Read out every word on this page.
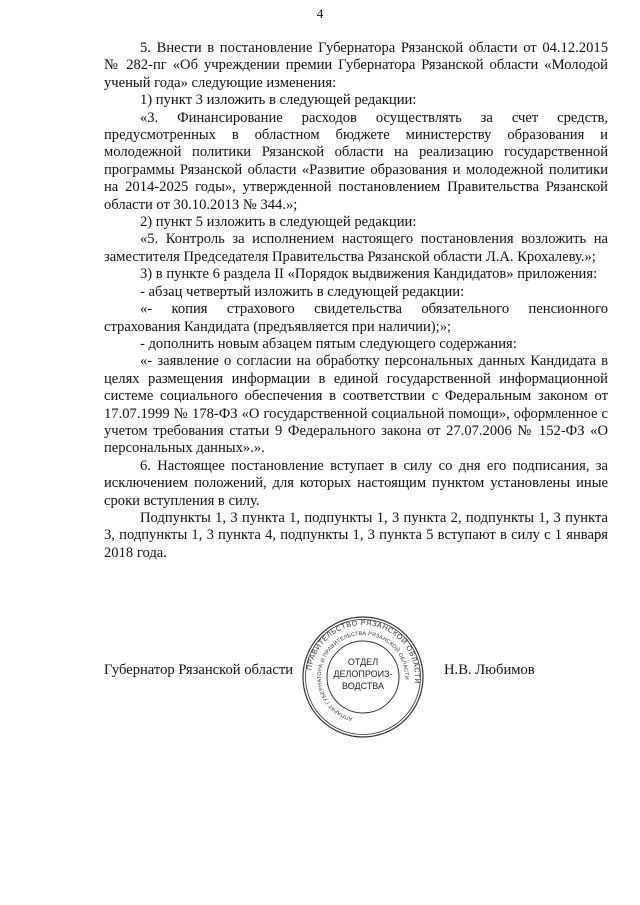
4

5. Внести в постановление Губернатора Рязанской области от 04.12.2015 № 282-пг «Об учреждении премии Губернатора Рязанской области «Молодой ученый года» следующие изменения:

1) пункт 3 изложить в следующей редакции:

«3. Финансирование расходов осуществлять за счет средств, предусмотренных в областном бюджете министерству образования и молодежной политики Рязанской области на реализацию государственной программы Рязанской области «Развитие образования и молодежной политики на 2014-2025 годы», утвержденной постановлением Правительства Рязанской области от 30.10.2013 № 344.»;

2) пункт 5 изложить в следующей редакции:

«5. Контроль за исполнением настоящего постановления возложить на заместителя Председателя Правительства Рязанской области Л.А. Крохалеву.»;

3) в пункте 6 раздела II «Порядок выдвижения Кандидатов» приложения:

- абзац четвертый изложить в следующей редакции:

«- копия страхового свидетельства обязательного пенсионного страхования Кандидата (предъявляется при наличии);»;

- дополнить новым абзацем пятым следующего содержания:

«- заявление о согласии на обработку персональных данных Кандидата в целях размещения информации в единой государственной информационной системе социального обеспечения в соответствии с Федеральным законом от 17.07.1999 № 178-ФЗ «О государственной социальной помощи», оформленное с учетом требования статьи 9 Федерального закона от 27.07.2006 № 152-ФЗ «О персональных данных».».

6. Настоящее постановление вступает в силу со дня его подписания, за исключением положений, для которых настоящим пунктом установлены иные сроки вступления в силу.

Подпункты 1, 3 пункта 1, подпункты 1, 3 пункта 2, подпункты 1, 3 пункта 3, подпункты 1, 3 пункта 4, подпункты 1, 3 пункта 5 вступают в силу с 1 января 2018 года.

Губернатор Рязанской области	Н.В. Любимов
ПРАВИТЕЛЬСТВО РЯЗАНСКОЙ ОБЛАСТИ
АППАРАТ ГУБЕРНАТОРА И ПРАВИТЕЛЬСТВА РЯЗАНСКОЙ ОБЛАСТИ
ОТДЕЛ
ДЕЛОПРОИЗ-
ВОДСТВА
